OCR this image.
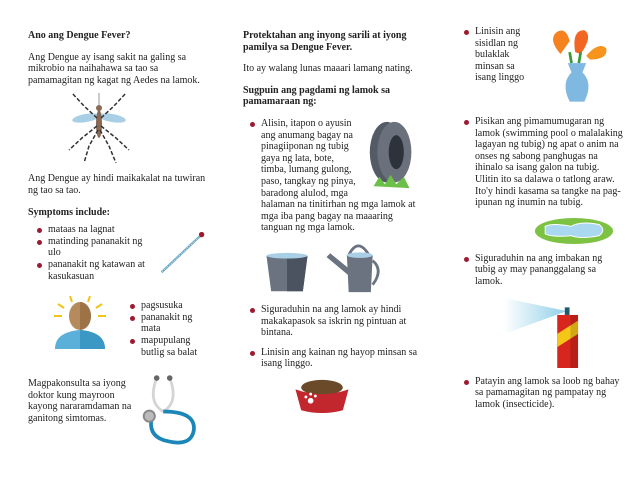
Ano ang Dengue Fever?

Ang Dengue ay isang sakit na galing sa mikrobio na naihahawa sa tao sa pamamagitan ng kagat ng Aedes na lamok.

Ang Dengue ay hindi maikakalat na tuwiran ng tao sa tao.

Symptoms include:

mataas na lagnat
matinding pananakit ng ulo
pananakit ng katawan at kasukasuan
pagsusuka
pananakit ng mata
mapupulang butlig sa balat

Magpakonsulta sa iyong doktor kung mayroon kayong nararamdaman na ganitong simtomas.

Protektahan ang inyong sarili at iyong pamilya sa Dengue Fever.

Ito ay walang lunas maaari lamang nating.

Sugpuin ang pagdami ng lamok sa pamamaraan ng:

Alisin, itapon o ayusin ang anumang bagay na pinagiiponan ng tubig gaya ng lata, bote, timba, lumang gulong, paso, tangkay ng pinya, baradong alulod, mga halaman na tinitirhan ng mga lamok at mga iba pang bagay na maaaring tanguan ng mga lamok.
Siguraduhin na ang lamok ay hindi makakapasok sa iskrin ng pintuan at bintana.
Linisin ang kainan ng hayop minsan sa isang linggo.
Linisin ang sisidlan ng bulaklak minsan sa isang linggo
Pisikan ang pimamumugaran ng lamok (swimming pool o malalaking lagayan ng tubig) ng apat o anim na onses ng sabong panghugas na ihinalo sa isang galon na tubig. Ulitin ito sa dalawa o tatlong araw. Ito'y hindi kasama sa tangke na pag-ipunan ng inumin na tubig.
Siguraduhin na ang imbakan ng tubig ay may pananggalang sa lamok.
Patayin ang lamok sa loob ng bahay sa pamamagitan ng pampatay ng lamok (insecticide).
